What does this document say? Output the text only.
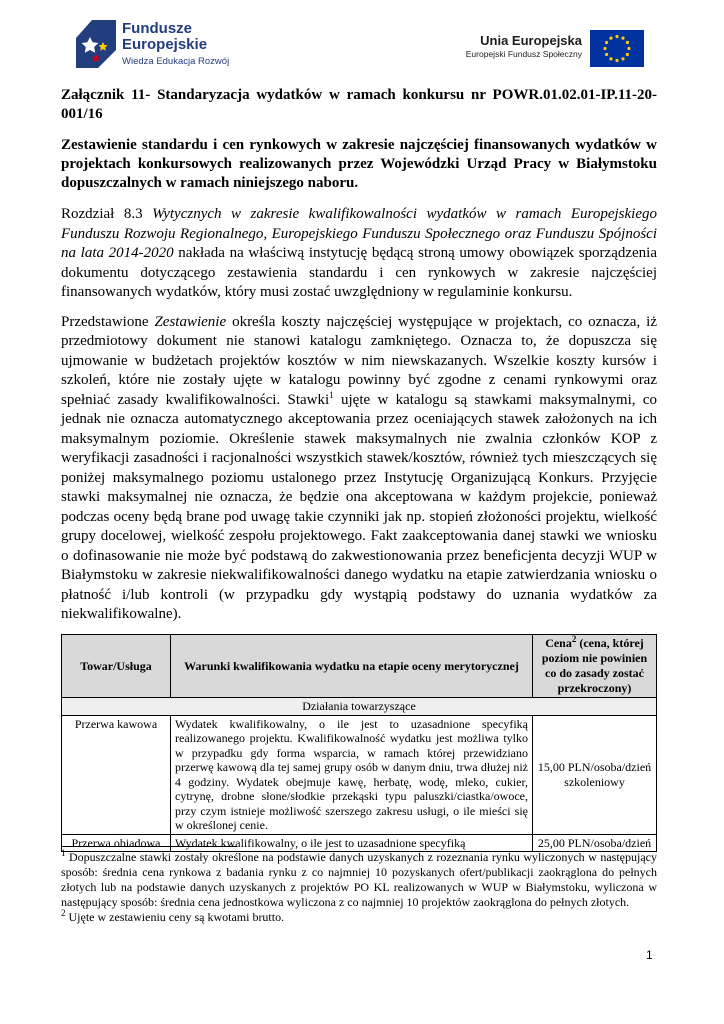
Fundusze
Europejskie
Wiedza Edukacja Rozwój
Unia Europejska
Europejski Fundusz Społeczny

Załącznik 11- Standaryzacja wydatków w ramach konkursu nr POWR.01.02.01-IP.11-20-001/16

Zestawienie standardu i cen rynkowych w zakresie najczęściej finansowanych wydatków w projektach konkursowych realizowanych przez Wojewódzki Urząd Pracy w Białymstoku dopuszczalnych w ramach niniejszego naboru.

Rozdział 8.3 Wytycznych w zakresie kwalifikowalności wydatków w ramach Europejskiego Funduszu Rozwoju Regionalnego, Europejskiego Funduszu Społecznego oraz Funduszu Spójności na lata 2014-2020 nakłada na właściwą instytucję będącą stroną umowy obowiązek sporządzenia dokumentu dotyczącego zestawienia standardu i cen rynkowych w zakresie najczęściej finansowanych wydatków, który musi zostać uwzględniony w regulaminie konkursu.

Przedstawione Zestawienie określa koszty najczęściej występujące w projektach, co oznacza, iż przedmiotowy dokument nie stanowi katalogu zamkniętego. Oznacza to, że dopuszcza się ujmowanie w budżetach projektów kosztów w nim niewskazanych. Wszelkie koszty kursów i szkoleń, które nie zostały ujęte w katalogu powinny być zgodne z cenami rynkowymi oraz spełniać zasady kwalifikowalności. Stawki$^1$ ujęte w katalogu są stawkami maksymalnymi, co jednak nie oznacza automatycznego akceptowania przez oceniających stawek założonych na ich maksymalnym poziomie. Określenie stawek maksymalnych nie zwalnia członków KOP z weryfikacji zasadności i racjonalności wszystkich stawek/kosztów, również tych mieszczących się poniżej maksymalnego poziomu ustalonego przez Instytucję Organizującą Konkurs. Przyjęcie stawki maksymalnej nie oznacza, że będzie ona akceptowana w każdym projekcie, ponieważ podczas oceny będą brane pod uwagę takie czynniki jak np. stopień złożoności projektu, wielkość grupy docelowej, wielkość zespołu projektowego. Fakt zaakceptowania danej stawki we wniosku o dofinasowanie nie może być podstawą do zakwestionowania przez beneficjenta decyzji WUP w Białymstoku w zakresie niekwalifikowalności danego wydatku na etapie zatwierdzania wniosku o płatność i/lub kontroli (w przypadku gdy wystąpią podstawy do uznania wydatków za niekwalifikowalne).

Towar/Usługa	Warunki kwalifikowania wydatku na etapie oceny merytorycznej	Cena$^2$ (cena, której poziom nie powinien co do zasady zostać przekroczony)
Działania towarzyszące		
Przerwa kawowa	Wydatek kwalifikowalny, o ile jest to uzasadnione specyfiką realizowanego projektu. Kwalifikowalność wydatku jest możliwa tylko w przypadku gdy forma wsparcia, w ramach której przewidziano przerwę kawową dla tej samej grupy osób w danym dniu, trwa dłużej niż 4 godziny. Wydatek obejmuje kawę, herbatę, wodę, mleko, cukier, cytrynę, drobne słone/słodkie przekąski typu paluszki/ciastka/owoce, przy czym istnieje możliwość szerszego zakresu usługi, o ile mieści się w określonej cenie.	15,00 PLN/osoba/dzień szkoleniowy
Przerwa obiadowa	Wydatek kwalifikowalny, o ile jest to uzasadnione specyfiką	25,00 PLN/osoba/dzień

$^1$ Dopuszczalne stawki zostały określone na podstawie danych uzyskanych z rozeznania rynku wyliczonych w następujący sposób: średnia cena rynkowa z badania rynku z co najmniej 10 pozyskanych ofert/publikacji zaokrąglona do pełnych złotych lub na podstawie danych uzyskanych z projektów PO KL realizowanych w WUP w Białymstoku, wyliczona w następujący sposób: średnia cena jednostkowa wyliczona z co najmniej 10 projektów zaokrąglona do pełnych złotych.

$^2$ Ujęte w zestawieniu ceny są kwotami brutto.

1
